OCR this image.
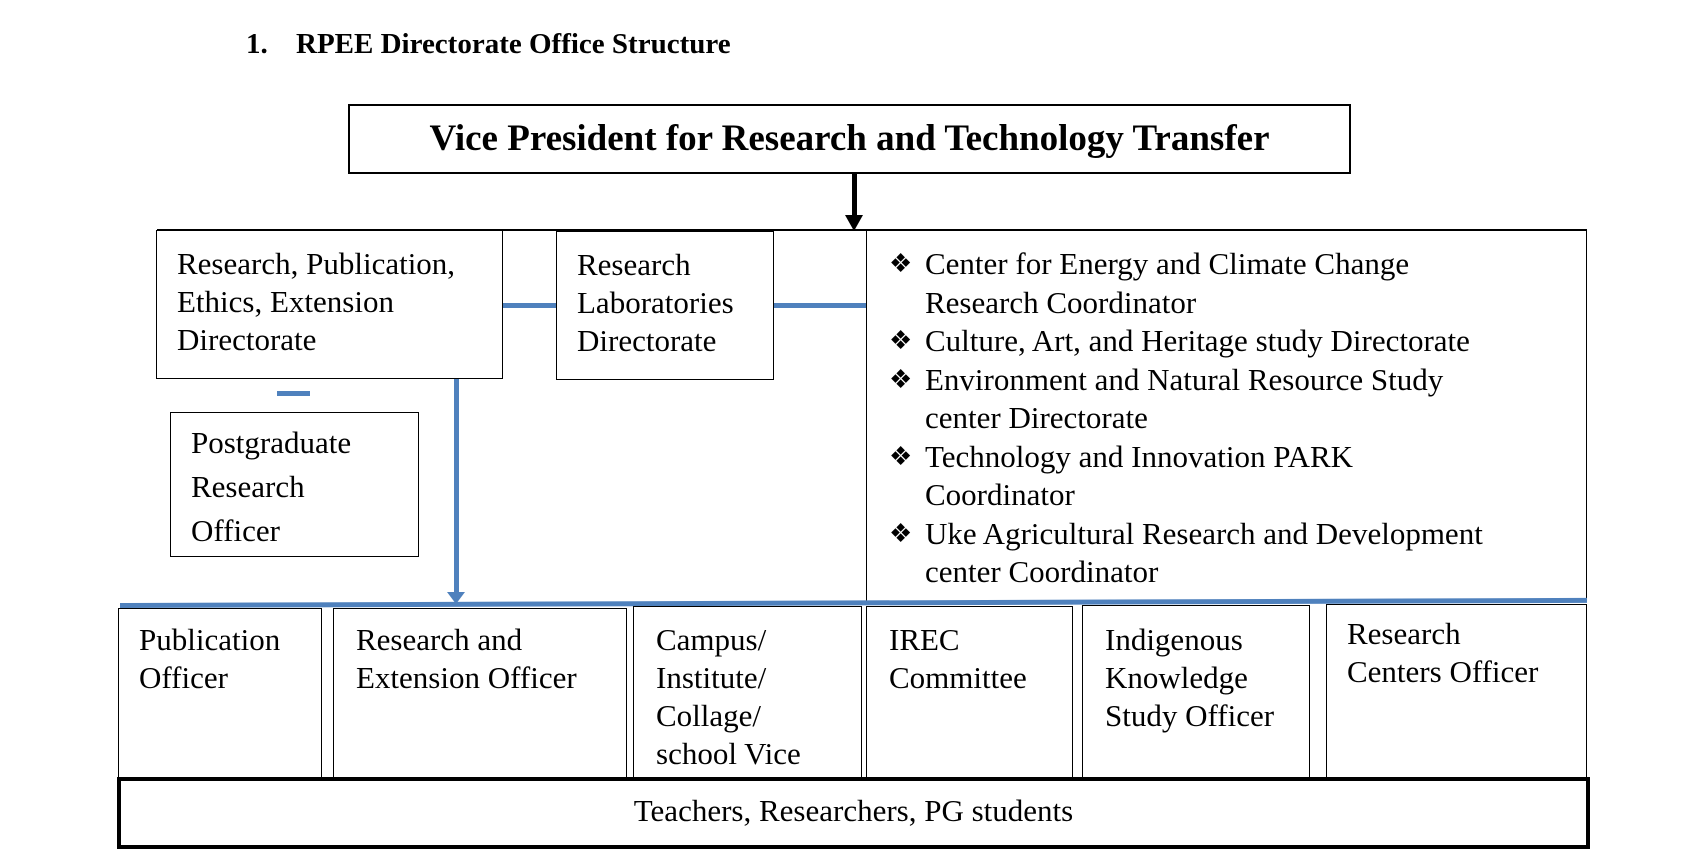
1. RPEE Directorate Office Structure
Vice President for Research and Technology Transfer
Research, Publication,
Ethics, Extension
Directorate
Research
Laboratories
Directorate
❖ Center for Energy and Climate Change
Research Coordinator
❖ Culture, Art, and Heritage study Directorate
❖ Environment and Natural Resource Study
center Directorate
❖ Technology and Innovation PARK
Coordinator
❖ Uke Agricultural Research and Development
center Coordinator
Postgraduate
Research
Officer
Publication
Officer
Research and
Extension Officer
Campus/
Institute/
Collage/
school Vice
IREC
Committee
Indigenous
Knowledge
Study Officer
Research
Centers Officer
Teachers, Researchers, PG students
